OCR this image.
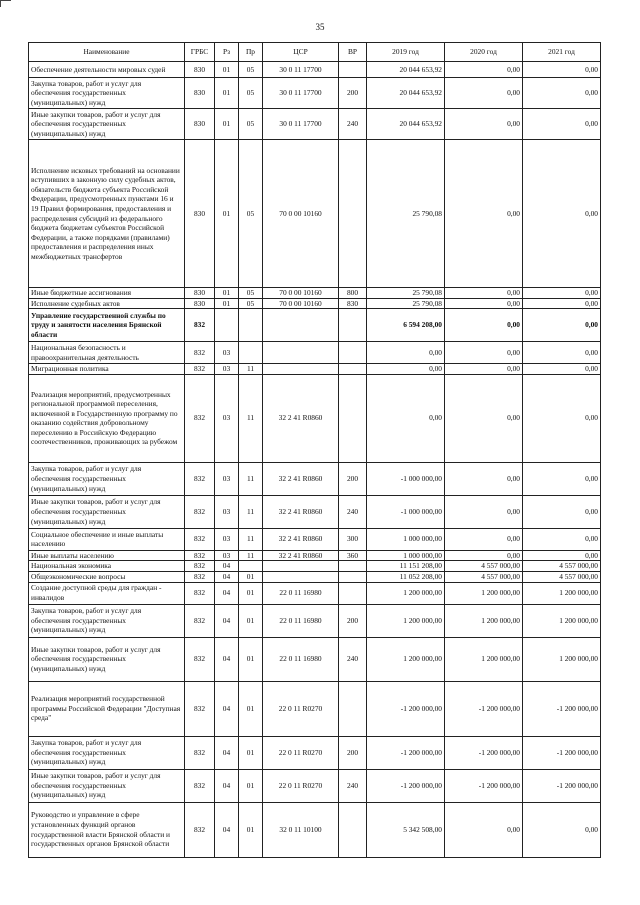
35
Наименование	ГРБС	Рз	Пр	ЦСР	ВР	2019 год	2020 год	2021 год
Обеспечение деятельности мировых судей	830	01	05	30 0 11 17700		20 044 653,92	0,00	0,00
Закупка товаров, работ и услуг для обеспечения государственных (муниципальных) нужд	830	01	05	30 0 11 17700	200	20 044 653,92	0,00	0,00
Иные закупки товаров, работ и услуг для обеспечения государственных (муниципальных) нужд	830	01	05	30 0 11 17700	240	20 044 653,92	0,00	0,00
Исполнение исковых требований на основании вступивших в законную силу судебных актов, обязательств бюджета субъекта Российской Федерации, предусмотренных пунктами 16 и 19 Правил формирования, предоставления и распределения субсидий из федерального бюджета бюджетам субъектов Российской Федерации, а также порядками (правилами) предоставления и распределения иных межбюджетных трансфертов	830	01	05	70 0 00 10160		25 790,08	0,00	0,00
Иные бюджетные ассигнования	830	01	05	70 0 00 10160	800	25 790,08	0,00	0,00
Исполнение судебных актов	830	01	05	70 0 00 10160	830	25 790,08	0,00	0,00
Управление государственной службы по труду и занятости населения Брянской области	832					6 594 208,00	0,00	0,00
Национальная безопасность и правоохранительная деятельность	832	03				0,00	0,00	0,00
Миграционная политика	832	03	11			0,00	0,00	0,00
Реализация мероприятий, предусмотренных региональной программой переселения, включенной в Государственную программу по оказанию содействия добровольному переселению в Российскую Федерацию соотечественников, проживающих за рубежом	832	03	11	32 2 41 R0860		0,00	0,00	0,00
Закупка товаров, работ и услуг для обеспечения государственных (муниципальных) нужд	832	03	11	32 2 41 R0860	200	-1 000 000,00	0,00	0,00
Иные закупки товаров, работ и услуг для обеспечения государственных (муниципальных) нужд	832	03	11	32 2 41 R0860	240	-1 000 000,00	0,00	0,00
Социальное обеспечение и иные выплаты населению	832	03	11	32 2 41 R0860	300	1 000 000,00	0,00	0,00
Иные выплаты населению	832	03	11	32 2 41 R0860	360	1 000 000,00	0,00	0,00
Национальная экономика	832	04				11 151 208,00	4 557 000,00	4 557 000,00
Общеэкономические вопросы	832	04	01			11 052 208,00	4 557 000,00	4 557 000,00
Создание доступной среды для граждан - инвалидов	832	04	01	22 0 11 16980		1 200 000,00	1 200 000,00	1 200 000,00
Закупка товаров, работ и услуг для обеспечения государственных (муниципальных) нужд	832	04	01	22 0 11 16980	200	1 200 000,00	1 200 000,00	1 200 000,00
Иные закупки товаров, работ и услуг для обеспечения государственных (муниципальных) нужд	832	04	01	22 0 11 16980	240	1 200 000,00	1 200 000,00	1 200 000,00
Реализация мероприятий государственной программы Российской Федерации "Доступная среда"	832	04	01	22 0 11 R0270		-1 200 000,00	-1 200 000,00	-1 200 000,00
Закупка товаров, работ и услуг для обеспечения государственных (муниципальных) нужд	832	04	01	22 0 11 R0270	200	-1 200 000,00	-1 200 000,00	-1 200 000,00
Иные закупки товаров, работ и услуг для обеспечения государственных (муниципальных) нужд	832	04	01	22 0 11 R0270	240	-1 200 000,00	-1 200 000,00	-1 200 000,00
Руководство и управление в сфере установленных функций органов государственной власти Брянской области и государственных органов Брянской области	832	04	01	32 0 11 10100		5 342 508,00	0,00	0,00
